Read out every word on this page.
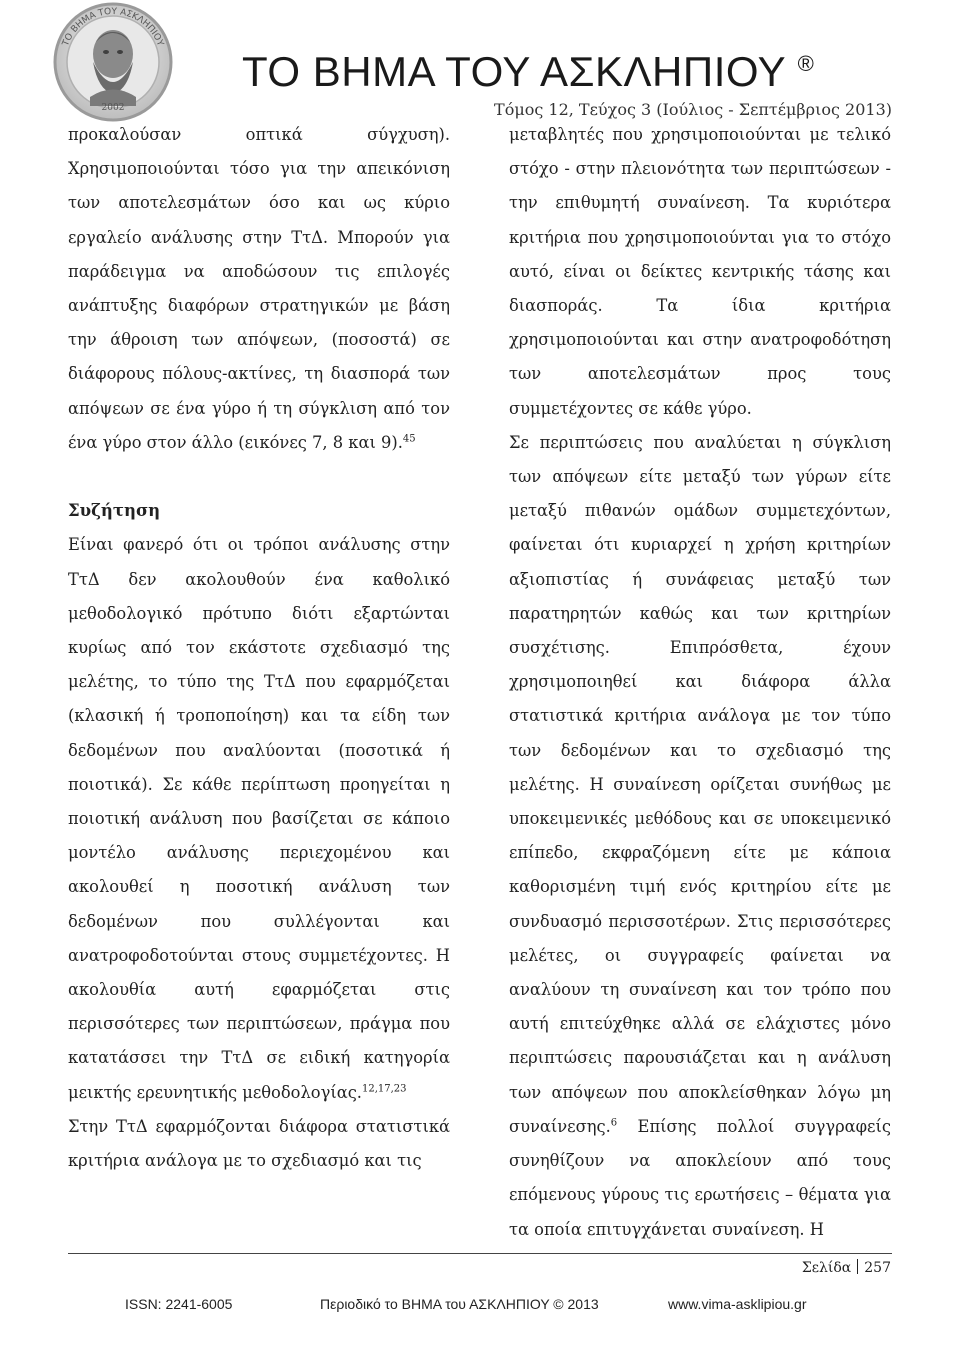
ΤΟ ΒΗΜΑ ΤΟΥ ΑΣΚΛΗΠΙΟΥ
2002
ΤΟ ΒΗΜΑ ΤΟΥ ΑΣΚΛΗΠΙΟΥ ®
Τόμος 12, Τεύχος 3 (Ιούλιος - Σεπτέμβριος 2013)

προκαλούσαν οπτικά σύγχυση). Χρησιμοποιούνται τόσο για την απεικόνιση των αποτελεσμάτων όσο και ως κύριο εργαλείο ανάλυσης στην ΤτΔ. Μπορούν για παράδειγμα να αποδώσουν τις επιλογές ανάπτυξης διαφόρων στρατηγικών με βάση την άθροιση των απόψεων, (ποσοστά) σε διάφορους πόλους-ακτίνες, τη διασπορά των απόψεων σε ένα γύρο ή τη σύγκλιση από τον ένα γύρο στον άλλο (εικόνες 7, 8 και 9).$^{45}$

Συζήτηση

Είναι φανερό ότι οι τρόποι ανάλυσης στην ΤτΔ δεν ακολουθούν ένα καθολικό μεθοδολογικό πρότυπο διότι εξαρτώνται κυρίως από τον εκάστοτε σχεδιασμό της μελέτης, το τύπο της ΤτΔ που εφαρμόζεται (κλασική ή τροποποίηση) και τα είδη των δεδομένων που αναλύονται (ποσοτικά ή ποιοτικά). Σε κάθε περίπτωση προηγείται η ποιοτική ανάλυση που βασίζεται σε κάποιο μοντέλο ανάλυσης περιεχομένου και ακολουθεί η ποσοτική ανάλυση των δεδομένων που συλλέγονται και ανατροφοδοτούνται στους συμμετέχοντες. Η ακολουθία αυτή εφαρμόζεται στις περισσότερες των περιπτώσεων, πράγμα που κατατάσσει την ΤτΔ σε ειδική κατηγορία μεικτής ερευνητικής μεθοδολογίας.$^{12,17,23}$

Στην ΤτΔ εφαρμόζονται διάφορα στατιστικά κριτήρια ανάλογα με το σχεδιασμό και τις

μεταβλητές που χρησιμοποιούνται με τελικό στόχο - στην πλειονότητα των περιπτώσεων - την επιθυμητή συναίνεση. Τα κυριότερα κριτήρια που χρησιμοποιούνται για το στόχο αυτό, είναι οι δείκτες κεντρικής τάσης και διασποράς. Τα ίδια κριτήρια χρησιμοποιούνται και στην ανατροφοδότηση των αποτελεσμάτων προς τους συμμετέχοντες σε κάθε γύρο.

Σε περιπτώσεις που αναλύεται η σύγκλιση των απόψεων είτε μεταξύ των γύρων είτε μεταξύ πιθανών ομάδων συμμετεχόντων, φαίνεται ότι κυριαρχεί η χρήση κριτηρίων αξιοπιστίας ή συνάφειας μεταξύ των παρατηρητών καθώς και των κριτηρίων συσχέτισης. Επιπρόσθετα, έχουν χρησιμοποιηθεί και διάφορα άλλα στατιστικά κριτήρια ανάλογα με τον τύπο των δεδομένων και το σχεδιασμό της μελέτης. Η συναίνεση ορίζεται συνήθως με υποκειμενικές μεθόδους και σε υποκειμενικό επίπεδο, εκφραζόμενη είτε με κάποια καθορισμένη τιμή ενός κριτηρίου είτε με συνδυασμό περισσοτέρων. Στις περισσότερες μελέτες, οι συγγραφείς φαίνεται να αναλύουν τη συναίνεση και τον τρόπο που αυτή επιτεύχθηκε αλλά σε ελάχιστες μόνο περιπτώσεις παρουσιάζεται και η ανάλυση των απόψεων που αποκλείσθηκαν λόγω μη συναίνεσης.$^6$ Επίσης πολλοί συγγραφείς συνηθίζουν να αποκλείουν από τους επόμενους γύρους τις ερωτήσεις – θέματα για τα οποία επιτυγχάνεται συναίνεση. Η

Σελίδα 257
ISSN: 2241-6005	Περιοδικό το ΒΗΜΑ του ΑΣΚΛΗΠΙΟΥ © 2013	www.vima-asklipiou.gr
